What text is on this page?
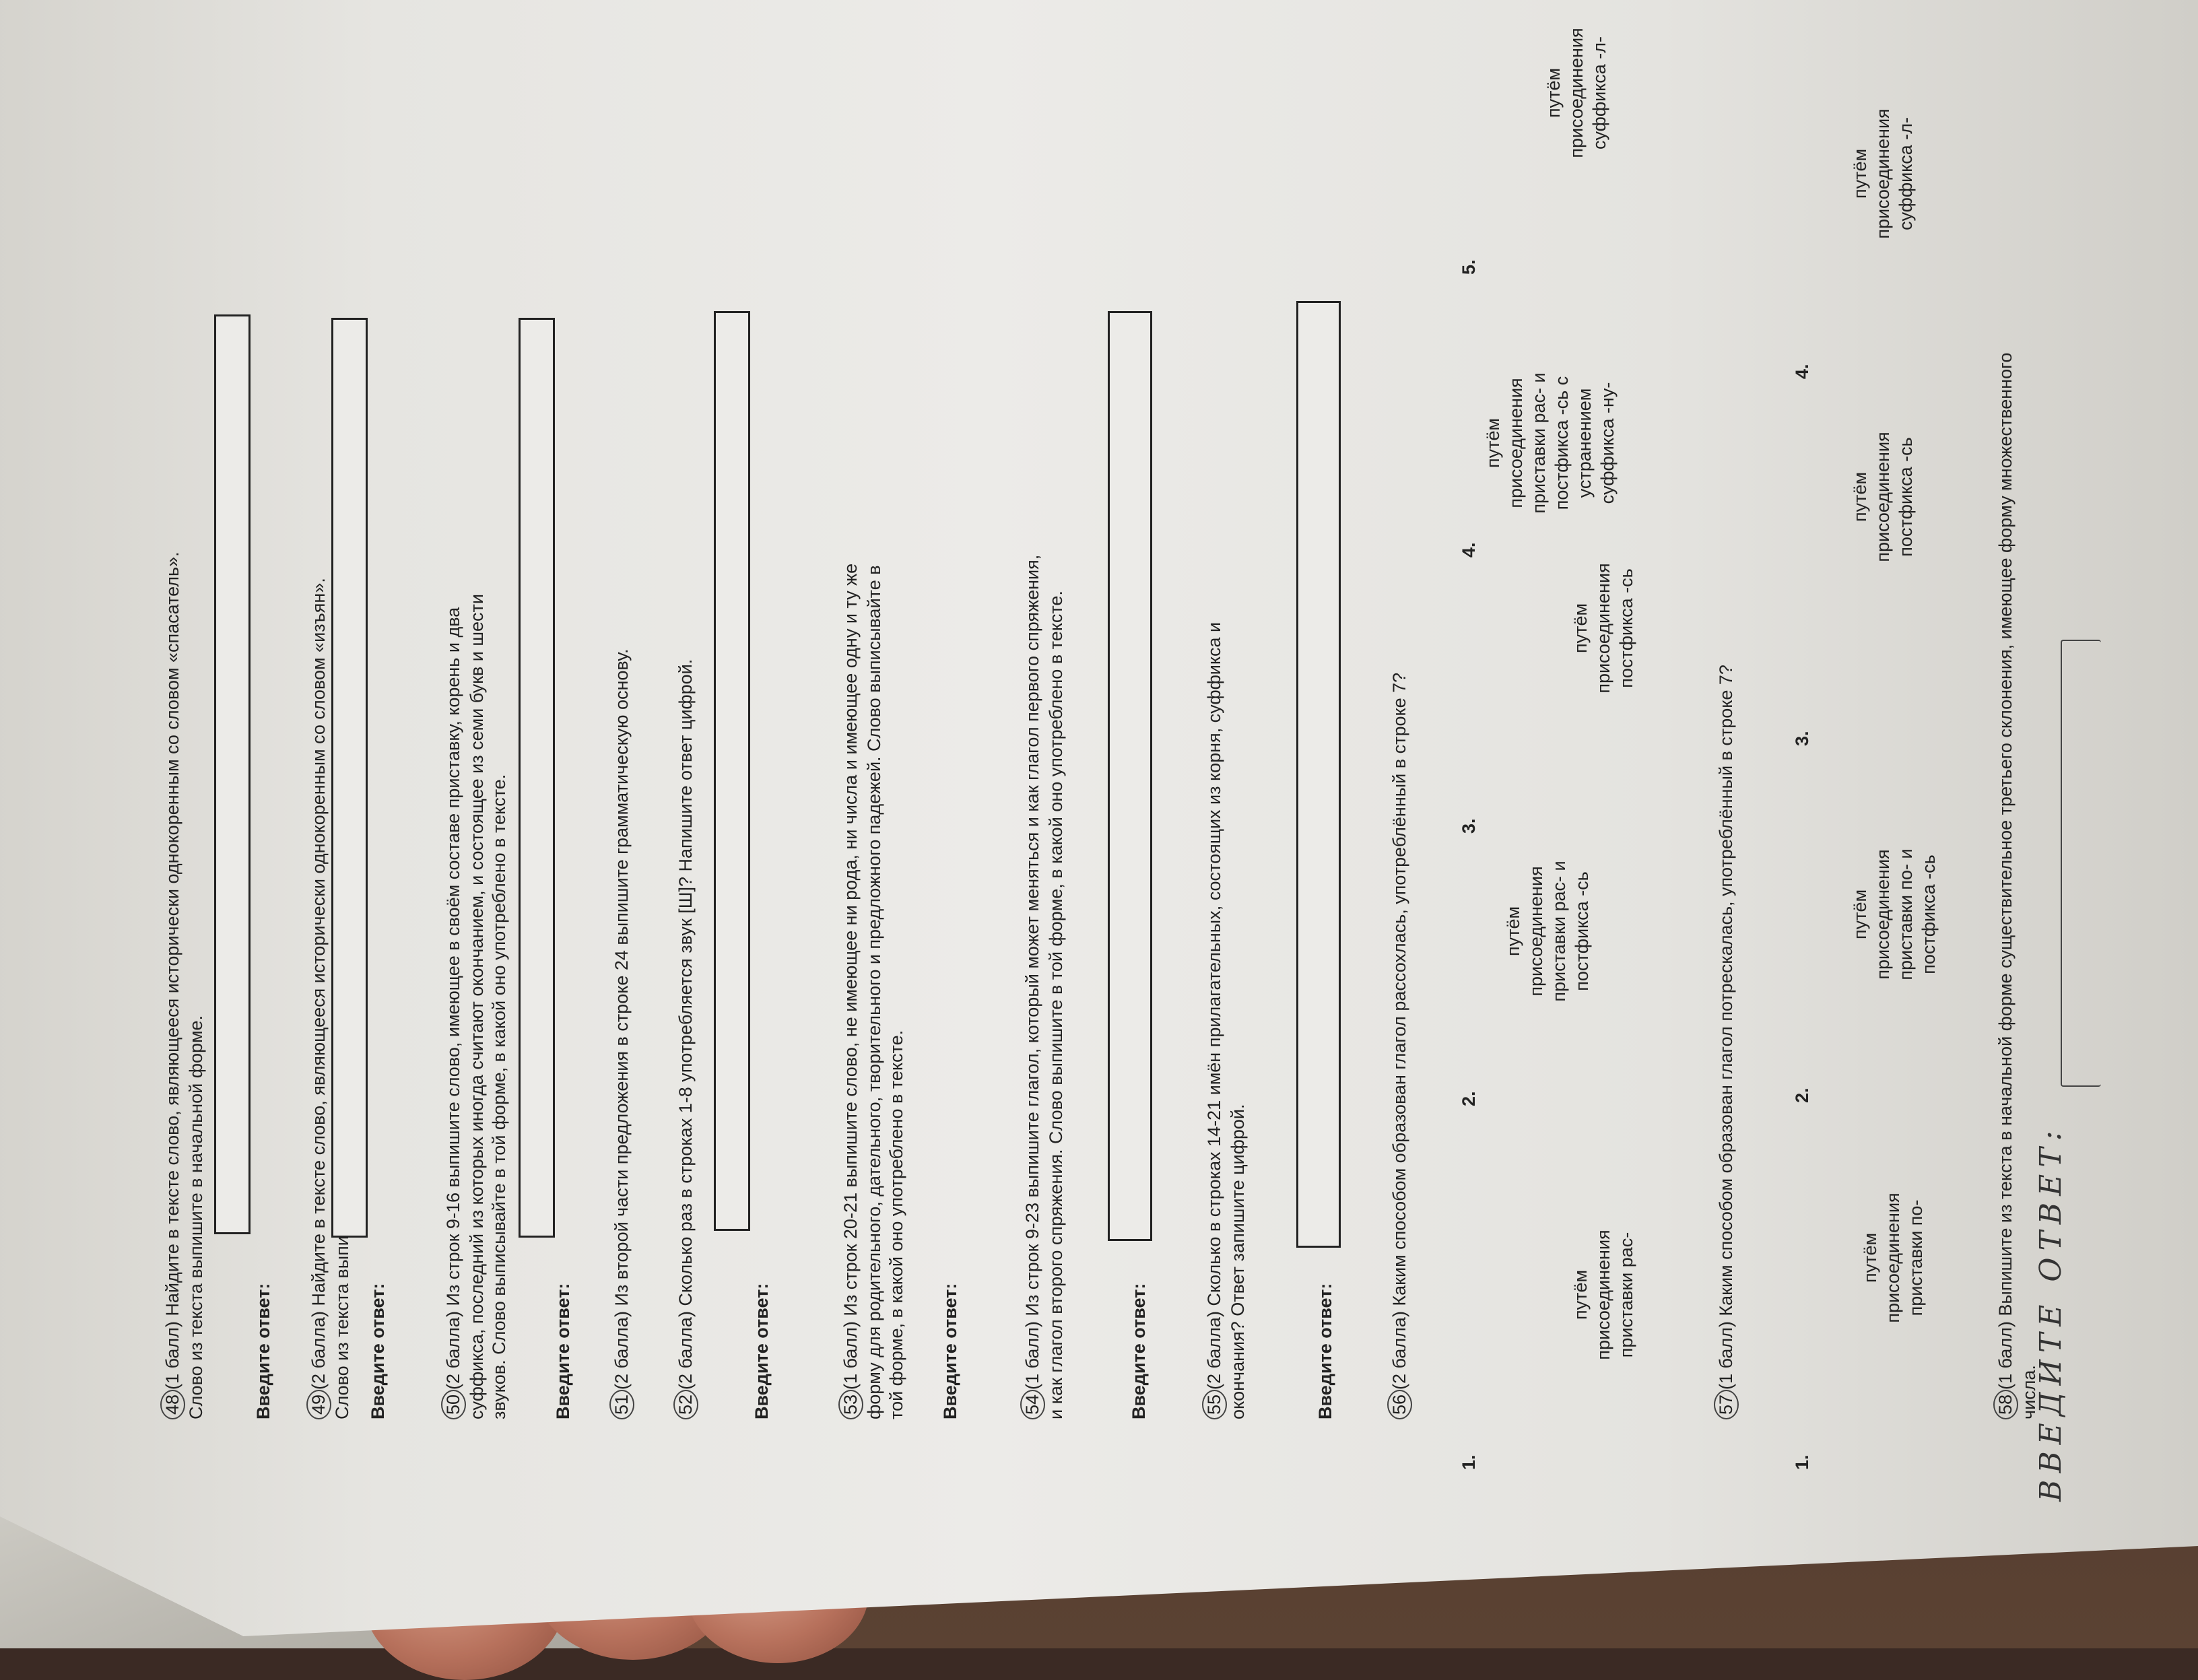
48(1 балл) Найдите в тексте слово, являющееся исторически однокоренным со словом «спасатель». Слово из текста выпишите в начальной форме.	Введите ответ: 49(2 балла) Найдите в тексте слово, являющееся исторически однокоренным со словом «изъян». Слово из текста Введите ответ:	50(2 балла) Из строк 9-16 выпишите слово, имеющее в своём составе приставку, корень и два суффикса, последний из которых иногда считают окончанием, и состоящее из семи букв и шести звуков. Слово выписывайте в той форме, в какой оно употреблено в тексте. Введите ответ: 51(2 балла) Из второй части предложения в строке 24 выпишите грамматическую основу.

52(2 балла) Сколько раз в строках 1-8 употребляется звук [Ш]? Напишите ответ цифрой.	Введите ответ:	53(1 балл) Из строк 20-21 выпишите слово, не имеющее ни рода, ни числа и имеющее одну и ту же форму для родительного, дательного, творительного и предложного падежей. Слово выписывайте в той форме, в какой оно употреблено в тексте. Введите ответ:	54(1 балл) Из строк 9-23 выпишите глагол, который может меняться и как глагол первого спряжения, и как глагол второго спряжения. Слово выпишите в той форме, в какой оно употреблено в тексте.	Введите ответ:	55(2 балла) Сколько в строках 14-21 имён прилагательных, состоящих из корня, суффикса и окончания? Ответ запишите цифрой.	Введите ответ:	56(2 балла) Каким способом образован глагол рассохлась, употреблённый в строке 7?

1.
путём присоединения приставки рас-
2.
путём присоединения приставки рас- и постфикса -сь
3.
путём присоединения постфикса -сь
4.
путём присоединения приставки рас- и постфикса -сь с устранением суффикса -ну-
5.
путём присоединения суффикса -л-

57(1 балл) Каким способом образован глагол потрескалась, употреблённый в строке 7?

1.
путём присоединения приставки по-
2.
путём присоединения приставки по- и постфикса -сь
3.
путём присоединения постфикса -сь
4.
путём присоединения суффикса -л-

58(1 балл) Выпишите из текста в начальной форме существительное третьего склонения, имеющее форму множественного числа.

ВВЕДИТЕ ОТВЕТ:
